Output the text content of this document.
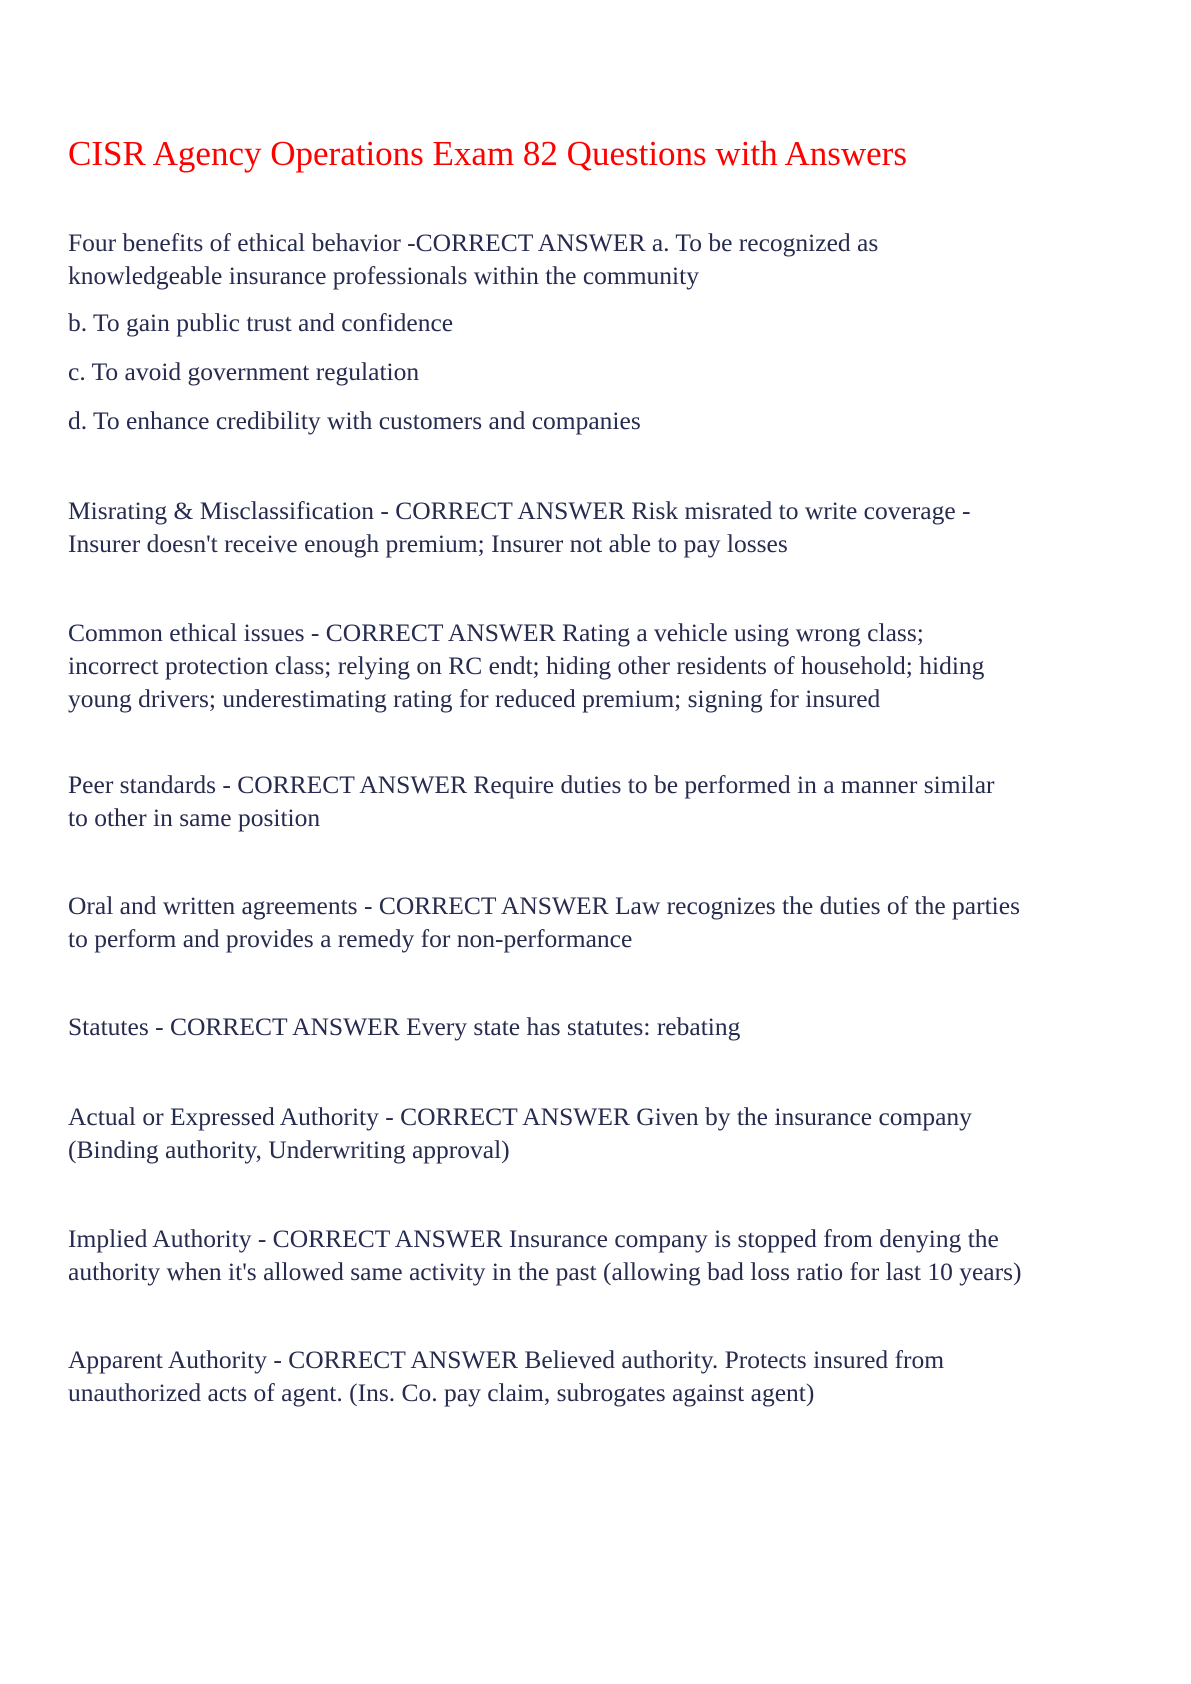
CISR Agency Operations Exam 82 Questions with Answers

Four benefits of ethical behavior -CORRECT ANSWER a. To be recognized as
knowledgeable insurance professionals within the community

b. To gain public trust and confidence

c. To avoid government regulation

d. To enhance credibility with customers and companies

Misrating & Misclassification - CORRECT ANSWER Risk misrated to write coverage -
Insurer doesn't receive enough premium; Insurer not able to pay losses

Common ethical issues - CORRECT ANSWER Rating a vehicle using wrong class;
incorrect protection class; relying on RC endt; hiding other residents of household; hiding
young drivers; underestimating rating for reduced premium; signing for insured

Peer standards - CORRECT ANSWER Require duties to be performed in a manner similar
to other in same position

Oral and written agreements - CORRECT ANSWER Law recognizes the duties of the parties
to perform and provides a remedy for non-performance

Statutes - CORRECT ANSWER Every state has statutes: rebating

Actual or Expressed Authority - CORRECT ANSWER Given by the insurance company
(Binding authority, Underwriting approval)

Implied Authority - CORRECT ANSWER Insurance company is stopped from denying the
authority when it's allowed same activity in the past (allowing bad loss ratio for last 10 years)

Apparent Authority - CORRECT ANSWER Believed authority. Protects insured from
unauthorized acts of agent. (Ins. Co. pay claim, subrogates against agent)
